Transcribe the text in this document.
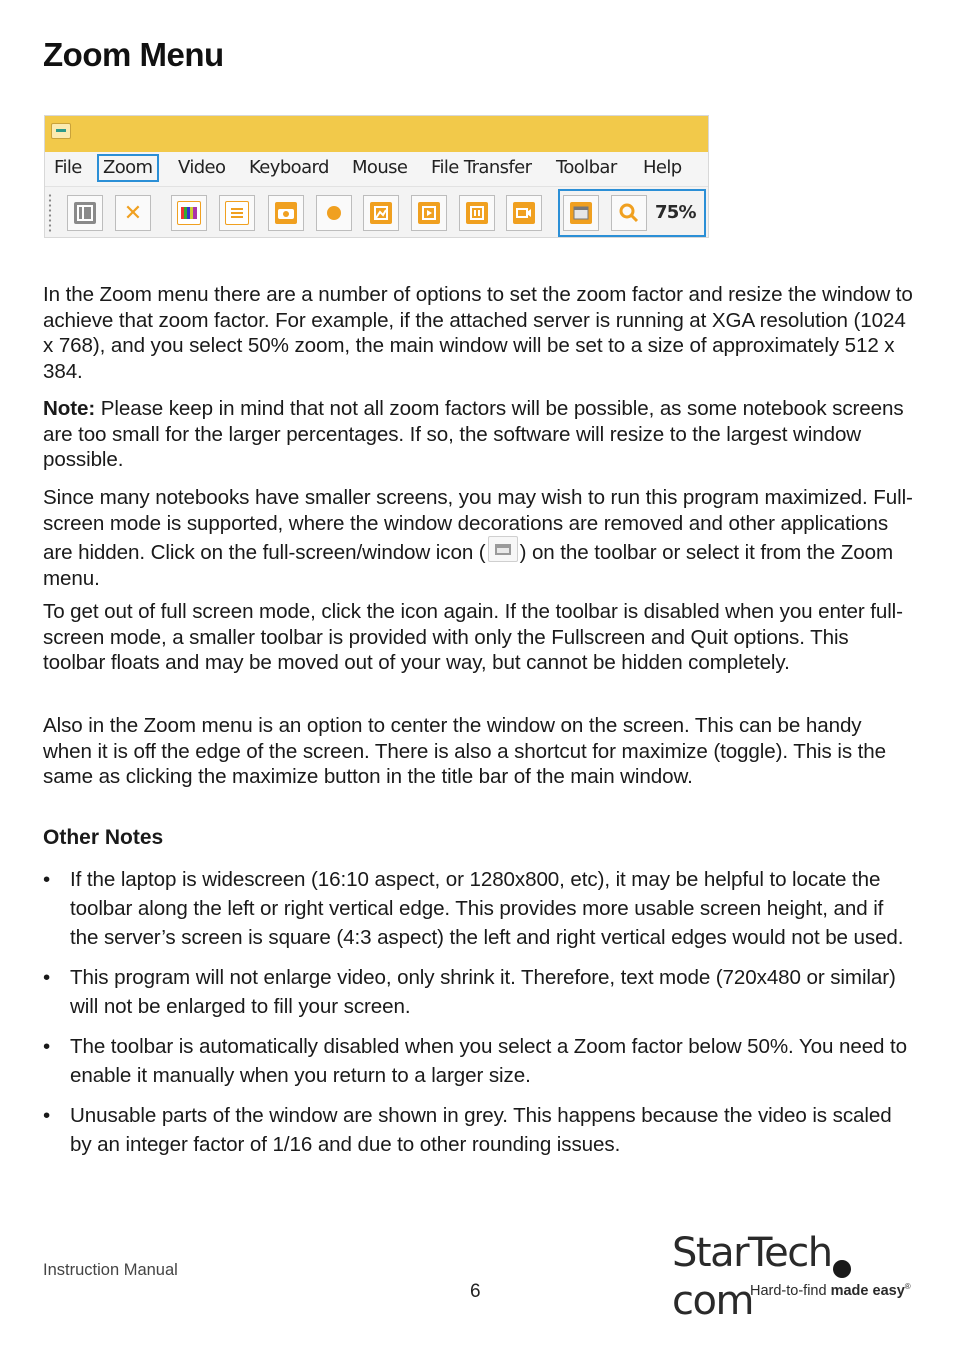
Zoom Menu
File	Zoom	Video Keyboard Mouse File Transfer Toolbar Help
✕	75%

In the Zoom menu there are a number of options to set the zoom factor and resize the window to achieve that zoom factor. For example, if the attached server is running at XGA resolution (1024 x 768), and you select 50% zoom, the main window will be set to a size of approximately 512 x 384.

Note: Please keep in mind that not all zoom factors will be possible, as some notebook screens are too small for the larger percentages. If so, the software will resize to the largest window possible.

Since many notebooks have smaller screens, you may wish to run this program maximized. Full-screen mode is supported, where the window decorations are removed and other applications are hidden. Click on the full-screen/window icon ( ) on the toolbar or select it from the Zoom menu.

To get out of full screen mode, click the icon again. If the toolbar is disabled when you enter full-screen mode, a smaller toolbar is provided with only the Fullscreen and Quit options. This toolbar floats and may be moved out of your way, but cannot be hidden completely.

Also in the Zoom menu is an option to center the window on the screen. This can be handy when it is off the edge of the screen. There is also a shortcut for maximize (toggle). This is the same as clicking the maximize button in the title bar of the main window.

Other Notes
• If the laptop is widescreen (16:10 aspect, or 1280x800, etc), it may be helpful to locate the toolbar along the left or right vertical edge. This provides more usable screen height, and if the server’s screen is square (4:3 aspect) the left and right vertical edges would not be used.
• This program will not enlarge video, only shrink it. Therefore, text mode (720x480 or similar) will not be enlarged to fill your screen.
• The toolbar is automatically disabled when you select a Zoom factor below 50%. You need to enable it manually when you return to a larger size.
• Unusable parts of the window are shown in grey. This happens because the video is scaled by an integer factor of 1/16 and due to other rounding issues.
Instruction Manual
6
StarTechcom
Hard-to-find made easy®
